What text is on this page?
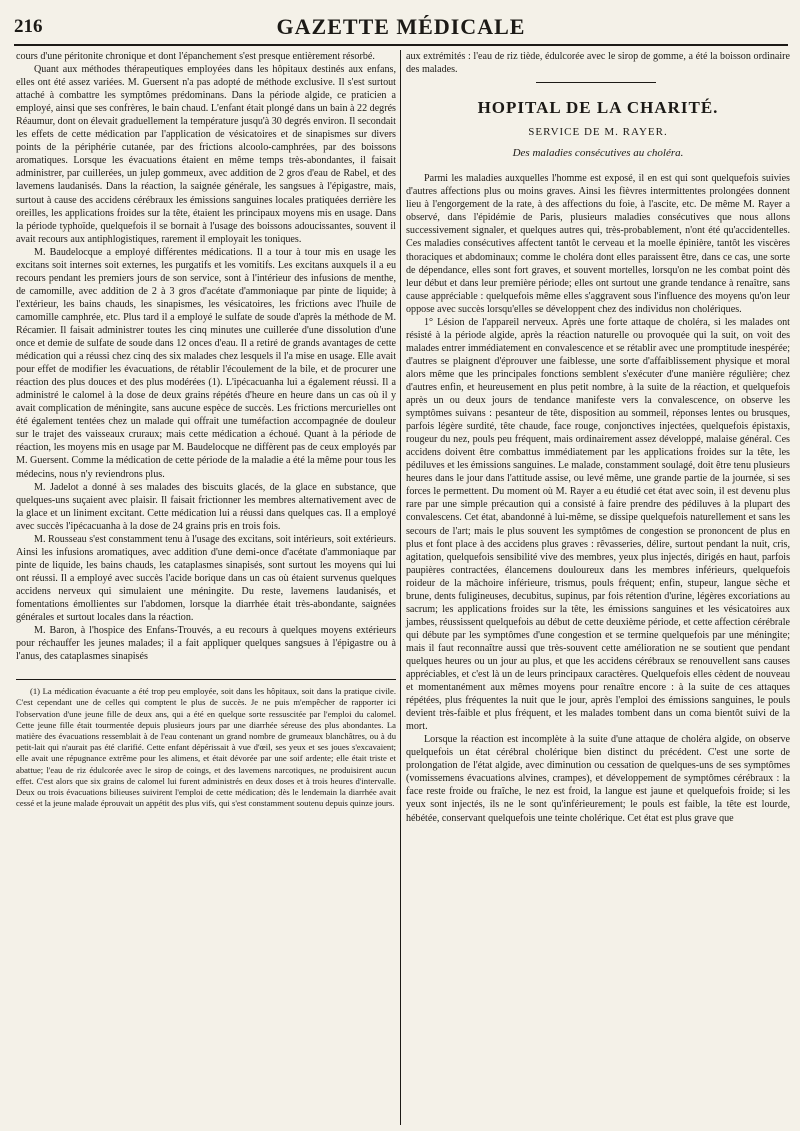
216	GAZETTE MÉDICALE

cours d'une péritonite chronique et dont l'épanchement s'est presque entièrement résorbé.

Quant aux méthodes thérapeutiques employées dans les hôpitaux destinés aux enfans, elles ont été assez variées. M. Guersent n'a pas adopté de méthode exclusive. Il s'est surtout attaché à combattre les symptômes prédominans. Dans la période algide, ce praticien a employé, ainsi que ses confrères, le bain chaud. L'enfant était plongé dans un bain à 22 degrés Réaumur, dont on élevait graduellement la température jusqu'à 30 degrés environ. Il secondait les effets de cette médication par l'application de vésicatoires et de sinapismes sur divers points de la périphérie cutanée, par des frictions alcoolo-camphrées, par des boissons aromatiques. Lorsque les évacuations étaient en même temps très-abondantes, il faisait administrer, par cuillerées, un julep gommeux, avec addition de 2 gros d'eau de Rabel, et des lavemens laudanisés. Dans la réaction, la saignée générale, les sangsues à l'épigastre, mais, surtout à cause des accidens cérébraux les émissions sanguines locales pratiquées derrière les oreilles, les applications froides sur la tête, étaient les principaux moyens mis en usage. Dans la période typhoïde, quelquefois il se bornait à l'usage des boissons adoucissantes, souvent il avait recours aux antiphlogistiques, rarement il employait les toniques.

M. Baudelocque a employé différentes médications. Il a tour à tour mis en usage les excitans soit internes soit externes, les purgatifs et les vomitifs. Les excitans auxquels il a eu recours pendant les premiers jours de son service, sont à l'intérieur des infusions de menthe, de camomille, avec addition de 2 à 3 gros d'acétate d'ammoniaque par pinte de liquide; à l'extérieur, les bains chauds, les sinapismes, les vésicatoires, les frictions avec l'huile de camomille camphrée, etc. Plus tard il a employé le sulfate de soude d'après la méthode de M. Récamier. Il faisait administrer toutes les cinq minutes une cuillerée d'une dissolution d'une once et demie de sulfate de soude dans 12 onces d'eau. Il a retiré de grands avantages de cette médication qui a réussi chez cinq des six malades chez lesquels il l'a mise en usage. Elle avait pour effet de modifier les évacuations, de rétablir l'écoulement de la bile, et de procurer une réaction des plus douces et des plus modérées (1). L'ipécacuanha lui a également réussi. Il a administré le calomel à la dose de deux grains répétés d'heure en heure dans un cas où il y avait complication de méningite, sans aucune espèce de succès. Les frictions mercurielles ont été également tentées chez un malade qui offrait une tuméfaction accompagnée de douleur sur le trajet des vaisseaux cruraux; mais cette médication a échoué. Quant à la période de réaction, les moyens mis en usage par M. Baudelocque ne diffèrent pas de ceux employés par M. Guersent. Comme la médication de cette période de la maladie a été la même pour tous les médecins, nous n'y reviendrons plus.

M. Jadelot a donné à ses malades des biscuits glacés, de la glace en substance, que quelques-uns suçaient avec plaisir. Il faisait frictionner les membres alternativement avec de la glace et un liniment excitant. Cette médication lui a réussi dans quelques cas. Il a employé avec succès l'ipécacuanha à la dose de 24 grains pris en trois fois.

M. Rousseau s'est constamment tenu à l'usage des excitans, soit intérieurs, soit extérieurs. Ainsi les infusions aromatiques, avec addition d'une demi-once d'acétate d'ammoniaque par pinte de liquide, les bains chauds, les cataplasmes sinapisés, sont surtout les moyens qui lui ont réussi. Il a employé avec succès l'acide borique dans un cas où étaient survenus quelques accidens nerveux qui simulaient une méningite. Du reste, lavemens laudanisés, et fomentations émollientes sur l'abdomen, lorsque la diarrhée était très-abondante, saignées générales et surtout locales dans la réaction.

M. Baron, à l'hospice des Enfans-Trouvés, a eu recours à quelques moyens extérieurs pour réchauffer les jeunes malades; il a fait appliquer quelques sangsues à l'épigastre ou à l'anus, des cataplasmes sinapisés

(1) La médication évacuante a été trop peu employée, soit dans les hôpitaux, soit dans la pratique civile. C'est cependant une de celles qui comptent le plus de succès. Je ne puis m'empêcher de rapporter ici l'observation d'une jeune fille de deux ans, qui a été en quelque sorte ressuscitée par l'emploi du calomel. Cette jeune fille était tourmentée depuis plusieurs jours par une diarrhée séreuse des plus abondantes. La matière des évacuations ressemblait à de l'eau contenant un grand nombre de grumeaux blanchâtres, ou à du petit-lait qui n'aurait pas été clarifié. Cette enfant dépérissait à vue d'œil, ses yeux et ses joues s'excavaient; elle avait une répugnance extrême pour les alimens, et était dévorée par une soif ardente; elle était triste et abattue; l'eau de riz édulcorée avec le sirop de coings, et des lavemens narcotiques, ne produisirent aucun effet. C'est alors que six grains de calomel lui furent administrés en deux doses et à trois heures d'intervalle. Deux ou trois évacuations bilieuses suivirent l'emploi de cette médication; dès le lendemain la diarrhée avait cessé et la jeune malade éprouvait un appétit des plus vifs, qui s'est constamment soutenu depuis quinze jours.

aux extrémités : l'eau de riz tiède, édulcorée avec le sirop de gomme, a été la boisson ordinaire des malades.

HOPITAL DE LA CHARITÉ.
SERVICE DE M. RAYER.
Des maladies consécutives au choléra.

Parmi les maladies auxquelles l'homme est exposé, il en est qui sont quelquefois suivies d'autres affections plus ou moins graves. Ainsi les fièvres intermittentes prolongées donnent lieu à l'engorgement de la rate, à des affections du foie, à l'ascite, etc. De même M. Rayer a observé, dans l'épidémie de Paris, plusieurs maladies consécutives que nous allons successivement signaler, et quelques autres qui, très-probablement, n'ont été qu'accidentelles. Ces maladies consécutives affectent tantôt le cerveau et la moelle épinière, tantôt les viscères thoraciques et abdominaux; comme le choléra dont elles paraissent être, dans ce cas, une sorte de dépendance, elles sont fort graves, et souvent mortelles, lorsqu'on ne les combat point dès leur début et dans leur première période; elles ont surtout une grande tendance à renaître, sans cause appréciable : quelquefois même elles s'aggravent sous l'influence des moyens qu'on leur oppose avec succès lorsqu'elles se développent chez des individus non cholériques.

1° Lésion de l'appareil nerveux. Après une forte attaque de choléra, si les malades ont résisté à la période algide, après la réaction naturelle ou provoquée qui la suit, on voit des malades entrer immédiatement en convalescence et se rétablir avec une promptitude inespérée; d'autres se plaignent d'éprouver une faiblesse, une sorte d'affaiblissement physique et moral alors même que les principales fonctions semblent s'exécuter d'une manière régulière; chez d'autres enfin, et heureusement en plus petit nombre, à la suite de la réaction, et quelquefois après un ou deux jours de tendance manifeste vers la convalescence, on observe les symptômes suivans : pesanteur de tête, disposition au sommeil, réponses lentes ou brusques, parfois légère surdité, tête chaude, face rouge, conjonctives injectées, quelquefois épistaxis, rougeur du nez, pouls peu fréquent, mais ordinairement assez développé, malaise général. Ces accidens doivent être combattus immédiatement par les applications froides sur la tête, les pédiluves et les émissions sanguines. Le malade, constamment soulagé, doit être tenu plusieurs heures dans le jour dans l'attitude assise, ou levé même, une grande partie de la journée, si ses forces le permettent. Du moment où M. Rayer a eu étudié cet état avec soin, il est devenu plus rare par une simple précaution qui a consisté à faire prendre des pédiluves à la plupart des convalescens. Cet état, abandonné à lui-même, se dissipe quelquefois naturellement et sans les secours de l'art; mais le plus souvent les symptômes de congestion se prononcent de plus en plus et font place à des accidens plus graves : rêvasseries, délire, surtout pendant la nuit, cris, agitation, quelquefois sensibilité vive des membres, yeux plus injectés, dirigés en haut, parfois paupières contractées, élancemens douloureux dans les membres inférieurs, quelquefois roideur de la mâchoire inférieure, trismus, pouls fréquent; enfin, stupeur, langue sèche et brune, dents fuligineuses, decubitus, supinus, par fois rétention d'urine, légères excoriations au sacrum; les applications froides sur la tête, les émissions sanguines et les vésicatoires aux jambes, réussissent quelquefois au début de cette deuxième période, et cette affection cérébrale qui débute par les symptômes d'une congestion et se termine quelquefois par une méningite; mais il faut reconnaître aussi que très-souvent cette amélioration ne se soutient que pendant quelques heures ou un jour au plus, et que les accidens cérébraux se renouvellent sans causes appréciables, et c'est là un de leurs principaux caractères. Quelquefois elles cèdent de nouveau et momentanément aux mêmes moyens pour renaître encore : à la suite de ces attaques répétées, plus fréquentes la nuit que le jour, après l'emploi des émissions sanguines, le pouls devient très-faible et plus fréquent, et les malades tombent dans un coma bientôt suivi de la mort.

Lorsque la réaction est incomplète à la suite d'une attaque de choléra algide, on observe quelquefois un état cérébral cholérique bien distinct du précédent. C'est une sorte de prolongation de l'état algide, avec diminution ou cessation de quelques-uns de ses symptômes (vomissemens évacuations alvines, crampes), et développement de symptômes cérébraux : la face reste froide ou fraîche, le nez est froid, la langue est jaune et quelquefois froide; si les yeux sont injectés, ils ne le sont qu'inférieurement; le pouls est faible, la tête est lourde, hébétée, conservant quelquefois une teinte cholérique. Cet état est plus grave que
